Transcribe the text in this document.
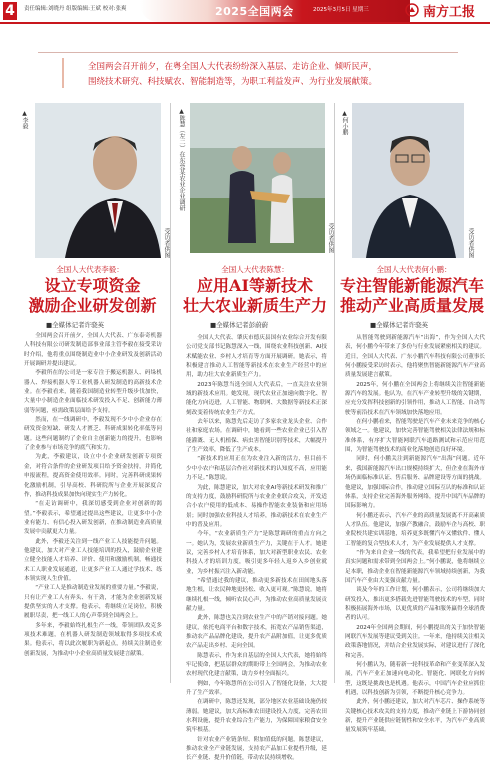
4	责任编辑:刘晓丹 组版编辑:王斌 校对:张爽	2025全国两会	2025年3月5日 星期三	南方工报
全国两会召开前夕，在粤全国人大代表纷纷深入基层、走访企业、倾听民声，
围绕技术研究、科技赋农、智能制造等，为职工利益发声、为行业发展献策。
▲李毅
受访者供图
全国人大代表李毅：
设立专项资金
激励企业研发创新
■全媒体记者许骁英

全国两会召开前夕，全国人大代表、广东泰奇机器人科技有限公司研发制造部事业部主管李毅在接受采访时介绍，他将重点围绕制造业中小企业研发及创新活动开展调研并提出建议。

李毅所在的公司是一家专注于搬运机器人、码垛机器人、焊接机器人等工业机器人研发制造的高新技术企业。在李毅看来，随着我国制造业转型升级步伐加快，大量中小制造企业面临技术研发投入不足、创新能力薄弱等问题，亟需政策层面给予支持。

然而，在一线调研中，李毅发现不少中小企业存在研发资金短缺、研发人才匮乏、科研成果转化率低等问题。这些问题制约了企业自主创新能力的提升，也影响了企业参与市场竞争的底气和实力。

为此，李毅建议，设立中小企业研发创新专项资金，对符合条件的企业研发项目给予资金扶持，并简化申报流程，提高资金使用效率。同时，完善科研成果转化激励机制，引导高校、科研院所与企业开展深度合作，推动科技成果加快向现实生产力转化。

“在走访调研中，我深切感受到企业对创新的渴望。”李毅表示，希望通过提出这些建议，让更多中小企业有能力、有信心投入研发创新，在推动制造业高质量发展中贡献更大力量。

此外，李毅还关注到一线产业工人技能提升问题。他建议，加大对产业工人技能培训的投入，鼓励企业建立健全技能人才培养、评价、使用和激励机制，畅通技术工人职业发展通道，让更多产业工人通过学技术、练本领实现人生价值。

“产业工人是推动制造业发展的重要力量。”李毅说，只有让产业工人有奔头、有干劲，才能为企业创新发展提供坚实的人才支撑。他表示，将继续立足岗位，积极履职尽责，把一线工人的心声带到全国两会上。

多年来，李毅始终扎根生产一线，带领团队攻克多项技术难题，在机器人研发制造领域取得多项技术成果。他表示，将以此次履职为新起点，持续关注制造业创新发展，为推动中小企业高质量发展建言献策。

▲陈慧（左二）在东莞某农业企业调研
受访者供图
全国人大代表陈慧：
应用AI等新技术
壮大农业新质生产力
■全媒体记者彭蔚蔚

全国人大代表、肇庆市德庆县国有农业综合开发有限公司党支部书记陈慧深入一线，围绕农业科技创新、AI技术赋能农业、乡村人才培育等方面开展调研。她表示，将积极建言推动人工智能等新技术在农业生产经营中的应用，助力壮大农业新质生产力。

2023年陈慧当选全国人大代表后，一直关注农业领域的新技术应用。她发现，现代农业正加速向数字化、智能化方向迈进，人工智能、物联网、大数据等新技术正深刻改变着传统农业生产方式。

去年以来，陈慧先后走访了多家农业龙头企业、合作社和家庭农场。在调研中，她看到一些农业企业已引入智能灌溉、无人机植保、病虫害智能识别等技术，大幅提升了生产效率，降低了生产成本。

“新技术的应用正在为农业注入新的活力，但目前不少中小农户和基层合作社对新技术的认知度不高，应用能力不足。”陈慧说。

为此，陈慧建议，加大对农业AI等新技术研发和推广的支持力度，鼓励科研院所与农业企业联合攻关，开发适合小农户使用的低成本、易操作智能农业装备和应用场景；同时加强农业科技人才培养，推动新技术在农业生产中的普及应用。

今年，“农业新质生产力”是陈慧调研的重点方向之一。她认为，发展农业新质生产力，关键在于人才。她建议，完善乡村人才培育体系，加大对新型职业农民、农业科技人才的培训力度，吸引更多年轻人返乡入乡创业就业，为乡村振兴注入新动能。

“希望通过我的建议，推动更多新技术在田间地头落地生根，让农民种地更轻松、收入更可观。”陈慧说，她将继续扎根一线，倾听农民心声，为推动农业高质量发展贡献力量。

此外，陈慧也关注到农业生产中的产销对接问题。她建议，依托电商平台和数字技术，拓宽农产品销售渠道，推动农产品品牌化建设，提升农产品附加值，让更多优质农产品走出乡村、走向全国。

陈慧表示，作为来自基层的全国人大代表，她将始终牢记使命，把基层群众的期盼带上全国两会，为推动农业农村现代化建言献策，助力乡村全面振兴。

例如，今年陈慧所在公司引入了智能化设备，大大提升了生产效率。

在调研中，陈慧还发现，部分地区农业基础设施仍较薄弱。她建议，加大高标准农田建设投入力度，完善农田水利设施，提升农业综合生产能力，为保障国家粮食安全筑牢根基。

针对农业产业链条短、附加值低的问题，陈慧建议，推动农业全产业链发展，支持农产品加工业提档升级，延长产业链、提升价值链，带动农民持续增收。

▲何小鹏
受访者供图
全国人大代表何小鹏：
专注智能新能源汽车
推动产业高质量发展
■全媒体记者许骁英

从智能驾驶到新能源汽车“出海”，作为全国人大代表，何小鹏今年带来了多份与行业发展紧密相关的建议。近日，全国人大代表、广东小鹏汽车科技有限公司董事长何小鹏接受采访时表示，他将聚焦智能新能源汽车产业高质量发展建言献策。

2025年，何小鹏在全国两会上将继续关注智能新能源汽车的发展。他认为，在汽车产业转型升级的关键期，应充分发挥科技创新的引领作用，推动人工智能、自动驾驶等前沿技术在汽车领域加快落地应用。

在何小鹏看来，智能驾驶是汽车产业未来竞争的核心领域之一。他建议，加快完善智能驾驶相关法律法规和标准体系，有序扩大智能网联汽车道路测试和示范应用范围，为智能驾驶技术的商业化落地创造良好环境。

同时，何小鹏关注到新能源汽车“出海”问题。近年来，我国新能源汽车出口规模持续扩大，但企业在海外市场仍面临标准认证、售后服务、品牌建设等方面的挑战。他建议，加强国际合作，推动建立国际互认的标准和认证体系，支持企业完善海外服务网络，提升中国汽车品牌的国际影响力。

何小鹏还表示，汽车产业的高质量发展离不开高素质人才队伍。他建议，加强产教融合，鼓励车企与高校、职业院校共建实训基地，培养更多既懂汽车又懂软件、懂人工智能的复合型技术人才，为产业发展提供人才支撑。

“作为来自企业一线的代表，我希望把行业发展中的真实问题和需求带到全国两会上。”何小鹏说，他将继续立足本职，推动企业在智能新能源汽车领域持续创新，为我国汽车产业由大变强贡献力量。

谈及今年的工作计划，何小鹏表示，公司将继续加大研发投入，推出更多搭载先进智能驾驶技术的车型，同时积极拓展海外市场，以更优质的产品和服务赢得全球消费者的认可。

2024年全国两会期间，何小鹏提出的关于加快智能网联汽车发展等建议受到关注。一年来，他持续关注相关政策落地情况，并结合企业发展实际，对建议进行了深化和完善。

何小鹏认为，随着新一轮科技革命和产业变革深入发展，汽车产业正加速向电动化、智能化、网联化方向转型，这既是挑战也是机遇。他表示，中国汽车企业应抓住机遇，以科技创新为引领，不断提升核心竞争力。

此外，何小鹏还建议，加大对汽车芯片、操作系统等关键核心技术攻关的支持力度，推动产业链上下游协同创新，提升产业链供应链韧性和安全水平，为汽车产业高质量发展筑牢基础。
